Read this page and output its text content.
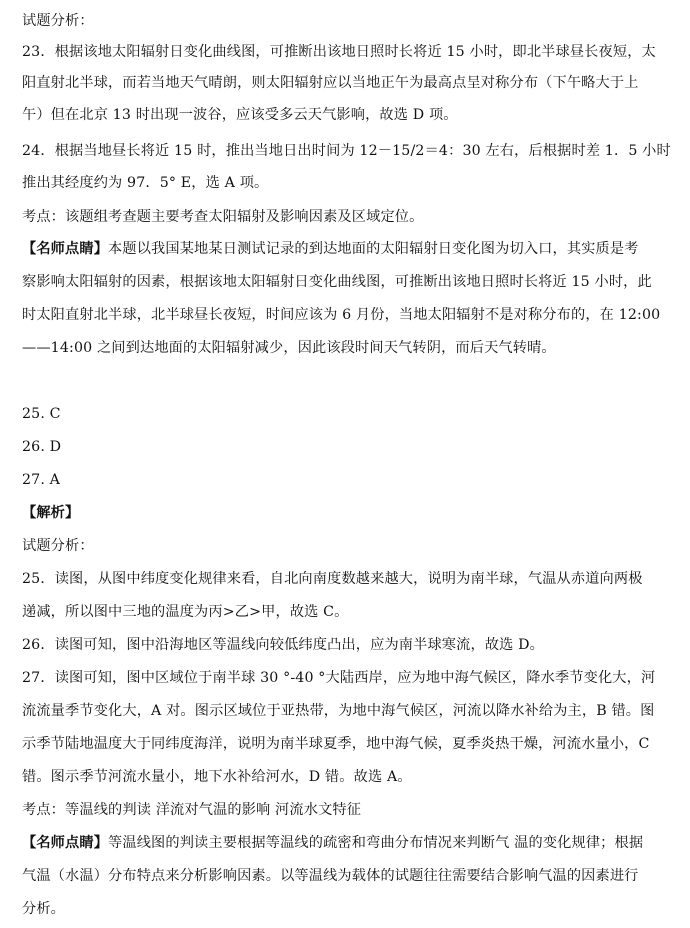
试题分析：
23．根据该地太阳辐射日变化曲线图，可推断出该地日照时长将近 15 小时，即北半球昼长夜短，太
阳直射北半球，而若当地天气晴朗，则太阳辐射应以当地正午为最高点呈对称分布（下午略大于上
午）但在北京 13 时出现一波谷，应该受多云天气影响，故选 D 项。
24．根据当地昼长将近 15 时，推出当地日出时间为 12－15/2＝4：30 左右，后根据时差 1．5 小时
推出其经度约为 97．5° E，选 A 项。
考点：该题组考查题主要考查太阳辐射及影响因素及区域定位。
【名师点睛】本题以我国某地某日测试记录的到达地面的太阳辐射日变化图为切入口，其实质是考
察影响太阳辐射的因素，根据该地太阳辐射日变化曲线图，可推断出该地日照时长将近 15 小时，此
时太阳直射北半球，北半球昼长夜短，时间应该为 6 月份，当地太阳辐射不是对称分布的，在 12:00
——14:00 之间到达地面的太阳辐射减少，因此该段时间天气转阴，而后天气转晴。
25. C
26. D
27. A
【解析】
试题分析：
25．读图，从图中纬度变化规律来看，自北向南度数越来越大，说明为南半球，气温从赤道向两极
递减，所以图中三地的温度为丙>乙>甲，故选 C。
26．读图可知，图中沿海地区等温线向较低纬度凸出，应为南半球寒流，故选 D。
27．读图可知，图中区域位于南半球 30 °-40 °大陆西岸，应为地中海气候区，降水季节变化大，河
流流量季节变化大，A 对。图示区域位于亚热带，为地中海气候区，河流以降水补给为主，B 错。图
示季节陆地温度大于同纬度海洋，说明为南半球夏季，地中海气候，夏季炎热干燥，河流水量小，C
错。图示季节河流水量小，地下水补给河水，D 错。故选 A。
考点：等温线的判读 洋流对气温的影响 河流水文特征
【名师点睛】等温线图的判读主要根据等温线的疏密和弯曲分布情况来判断气 温的变化规律；根据
气温（水温）分布特点来分析影响因素。以等温线为载体的试题往往需要结合影响气温的因素进行
分析。
